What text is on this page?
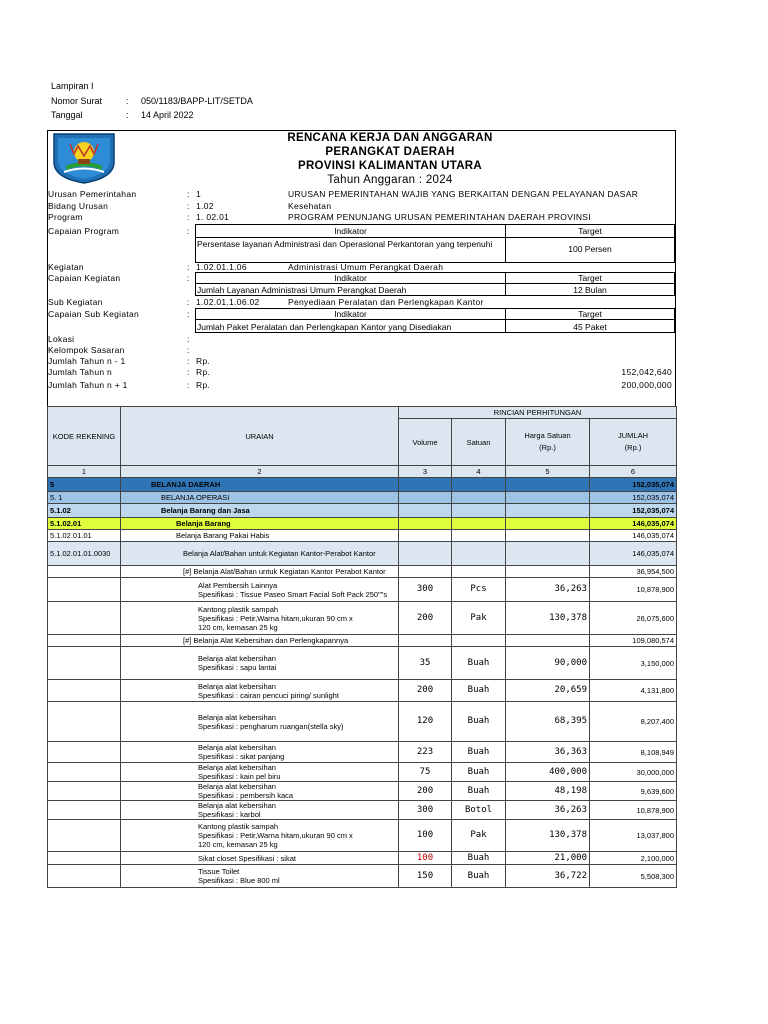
Lampiran I
Nomor Surat	: 050/1183/BAPP-LIT/SETDA
Tanggal	: 14 April 2022
RENCANA KERJA DAN ANGGARAN
PERANGKAT DAERAH
PROVINSI KALIMANTAN UTARA
Tahun Anggaran : 2024
Urusan Pemerintahan	: 1	URUSAN PEMERINTAHAN WAJIB YANG BERKAITAN DENGAN PELAYANAN DASAR
Bidang Urusan	: 1.02	Kesehatan
Program	: 1. 02.01	PROGRAM PENUNJANG URUSAN PEMERINTAHAN DAERAH PROVINSI
Capaian Program	:	Indikator	Target
Persentase layanan Administrasi dan Operasional Perkantoran yang terpenuhi	100 Persen
Kegiatan	: 1.02.01.1.06	Administrasi Umum Perangkat Daerah
Capaian Kegiatan	:	Indikator	Target
Jumlah Layanan Administrasi Umum Perangkat Daerah	12 Bulan
Sub Kegiatan	: 1.02.01.1.06.02	Penyediaan Peralatan dan Perlengkapan Kantor
Capaian Sub Kegiatan	:	Indikator	Target
Jumlah Paket Peralatan dan Perlengkapan Kantor yang Disediakan	45 Paket
Lokasi	:
Kelompok Sasaran	:
Jumlah Tahun n - 1	: Rp.
Jumlah Tahun n	: Rp.	152,042,640
Jumlah Tahun n + 1	: Rp.	200,000,000
KODE REKENING	URAIAN	RINCIAN PERHITUNGAN			
		Volume	Satuan	Harga Satuan (Rp.)	JUMLAH (Rp.)

1	2	3	4	5	6
5	BELANJA DAERAH				152,035,074
5. 1	BELANJA OPERASI				152,035,074
5.1.02	Belanja Barang dan Jasa				152,035,074
5.1.02.01	Belanja Barang				146,035,074
5.1.02.01.01	Belanja Barang Pakai Habis				146,035,074
5.1.02.01.01.0030	Belanja Alat/Bahan untuk Kegiatan Kantor-Perabot Kantor				146,035,074
	[#] Belanja Alat/Bahan untuk Kegiatan Kantor Perabot Kantor				36,954,500

	Alat Pembersih Lainnya
Spesifikasi : Tissue Paseo Smart Facial Soft Pack 250""s	300	Pcs	36,263	10,878,900

	Kantong plastik sampah
Spesifikasi : Petir,Warna hitam,ukuran 90 cm x
120 cm, kemasan 25 kg	200	Pak	130,378	26,075,600
	[#] Belanja Alat Kebersihan dan Perlengkapannya				109,080,574

	Belanja alat kebersihan
Spesifikasi : sapu lantai	35	Buah	90,000	3,150,000

	Belanja alat kebersihan
Spesifikasi : cairan pencuci piring/ sunlight	200	Buah	20,659	4,131,800

	Belanja alat kebersihan
Spesifikasi : pengharum ruangan(stella sky)	120	Buah	68,395	8,207,400

	Belanja alat kebersihan
Spesifikasi : sikat panjang	223	Buah	36,363	8,108,949

	Belanja alat kebersihan
Spesifikasi : kain pel biru	75	Buah	400,000	30,000,000

	Belanja alat kebersihan
Spesifikasi : pembersih kaca	200	Buah	48,198	9,639,600

	Belanja alat kebersihan
Spesifikasi : karbol	300	Botol	36,263	10,878,900

	Kantong plastik sampah
Spesifikasi : Petir,Warna hitam,ukuran 90 cm x
120 cm, kemasan 25 kg	100	Pak	130,378	13,037,800

	Sikat closet Spesifikasi : sikat	100	Buah	21,000	2,100,000

	Tissue Toilet
Spesifikasi : Blue 800 ml	150	Buah	36,722	5,508,300
